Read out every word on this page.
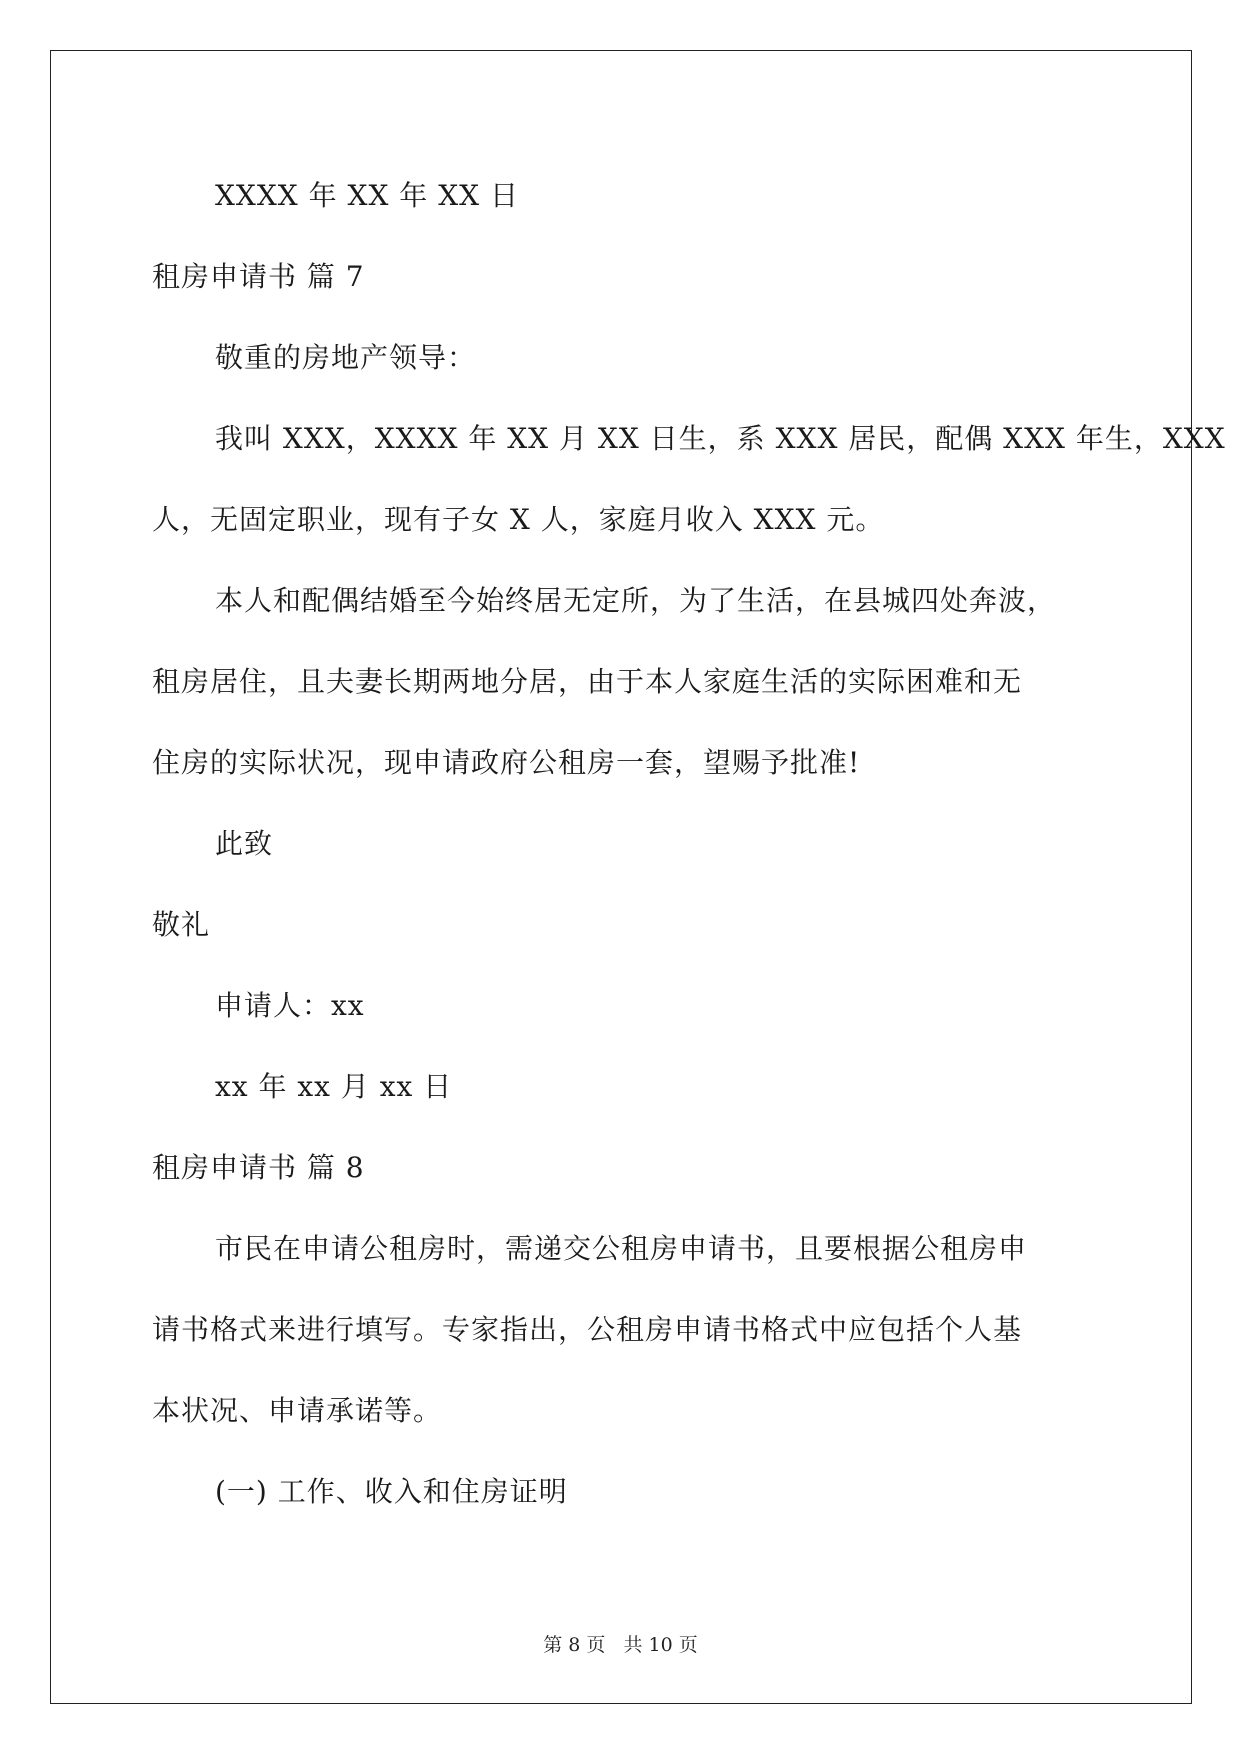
XXXX 年 XX 年 XX 日
租房申请书 篇 7
敬重的房地产领导：
我叫 XXX，XXXX 年 XX 月 XX 日生，系 XXX 居民，配偶 XXX 年生，XXX
人，无固定职业，现有子女 X 人，家庭月收入 XXX 元。
本人和配偶结婚至今始终居无定所，为了生活，在县城四处奔波，
租房居住，且夫妻长期两地分居，由于本人家庭生活的实际困难和无
住房的实际状况，现申请政府公租房一套，望赐予批准!
此致
敬礼
申请人：xx
xx 年 xx 月 xx 日
租房申请书 篇 8
市民在申请公租房时，需递交公租房申请书，且要根据公租房申
请书格式来进行填写。专家指出，公租房申请书格式中应包括个人基
本状况、申请承诺等。
(一) 工作、收入和住房证明
第 8 页 共 10 页
